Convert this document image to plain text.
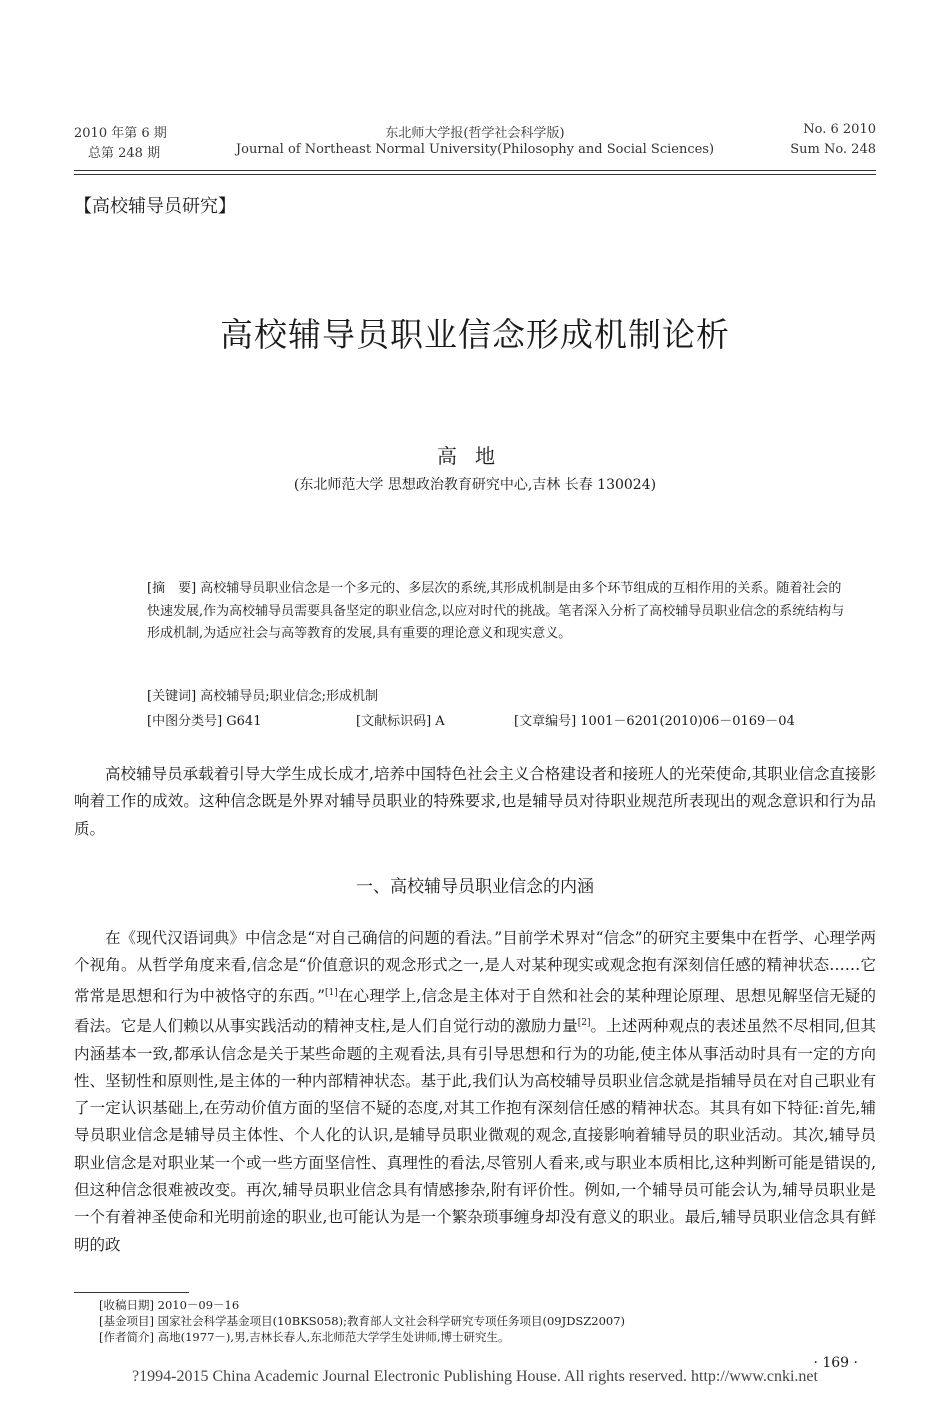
2010 年第 6 期
总第 248 期
东北师大学报(哲学社会科学版)
Journal of Northeast Normal University(Philosophy and Social Sciences)
No. 6 2010
Sum No. 248
【高校辅导员研究】
高校辅导员职业信念形成机制论析
高地
(东北师范大学 思想政治教育研究中心,吉林 长春 130024)

[摘　要] 高校辅导员职业信念是一个多元的、多层次的系统,其形成机制是由多个环节组成的互相作用的关系。随着社会的快速发展,作为高校辅导员需要具备坚定的职业信念,以应对时代的挑战。笔者深入分析了高校辅导员职业信念的系统结构与形成机制,为适应社会与高等教育的发展,具有重要的理论意义和现实意义。

[关键词] 高校辅导员;职业信念;形成机制
[中图分类号] G641	[文献标识码] A	[文章编号] 1001－6201(2010)06－0169－04

高校辅导员承载着引导大学生成长成才,培养中国特色社会主义合格建设者和接班人的光荣使命,其职业信念直接影响着工作的成效。这种信念既是外界对辅导员职业的特殊要求,也是辅导员对待职业规范所表现出的观念意识和行为品质。

一、高校辅导员职业信念的内涵

在《现代汉语词典》中信念是“对自己确信的问题的看法。”目前学术界对“信念”的研究主要集中在哲学、心理学两个视角。从哲学角度来看,信念是“价值意识的观念形式之一,是人对某种现实或观念抱有深刻信任感的精神状态……它常常是思想和行为中被恪守的东西。”[1]在心理学上,信念是主体对于自然和社会的某种理论原理、思想见解坚信无疑的看法。它是人们赖以从事实践活动的精神支柱,是人们自觉行动的激励力量[2]。上述两种观点的表述虽然不尽相同,但其内涵基本一致,都承认信念是关于某些命题的主观看法,具有引导思想和行为的功能,使主体从事活动时具有一定的方向性、坚韧性和原则性,是主体的一种内部精神状态。基于此,我们认为高校辅导员职业信念就是指辅导员在对自己职业有了一定认识基础上,在劳动价值方面的坚信不疑的态度,对其工作抱有深刻信任感的精神状态。其具有如下特征:首先,辅导员职业信念是辅导员主体性、个人化的认识,是辅导员职业微观的观念,直接影响着辅导员的职业活动。其次,辅导员职业信念是对职业某一个或一些方面坚信性、真理性的看法,尽管别人看来,或与职业本质相比,这种判断可能是错误的,但这种信念很难被改变。再次,辅导员职业信念具有情感掺杂,附有评价性。例如,一个辅导员可能会认为,辅导员职业是一个有着神圣使命和光明前途的职业,也可能认为是一个繁杂琐事缠身却没有意义的职业。最后,辅导员职业信念具有鲜明的政

[收稿日期] 2010－09－16
[基金项目] 国家社会科学基金项目(10BKS058);教育部人文社会科学研究专项任务项目(09JDSZ2007)
[作者简介] 高地(1977－),男,吉林长春人,东北师范大学学生处讲师,博士研究生。
· 169 ·
?1994-2015 China Academic Journal Electronic Publishing House. All rights reserved. http://www.cnki.net
